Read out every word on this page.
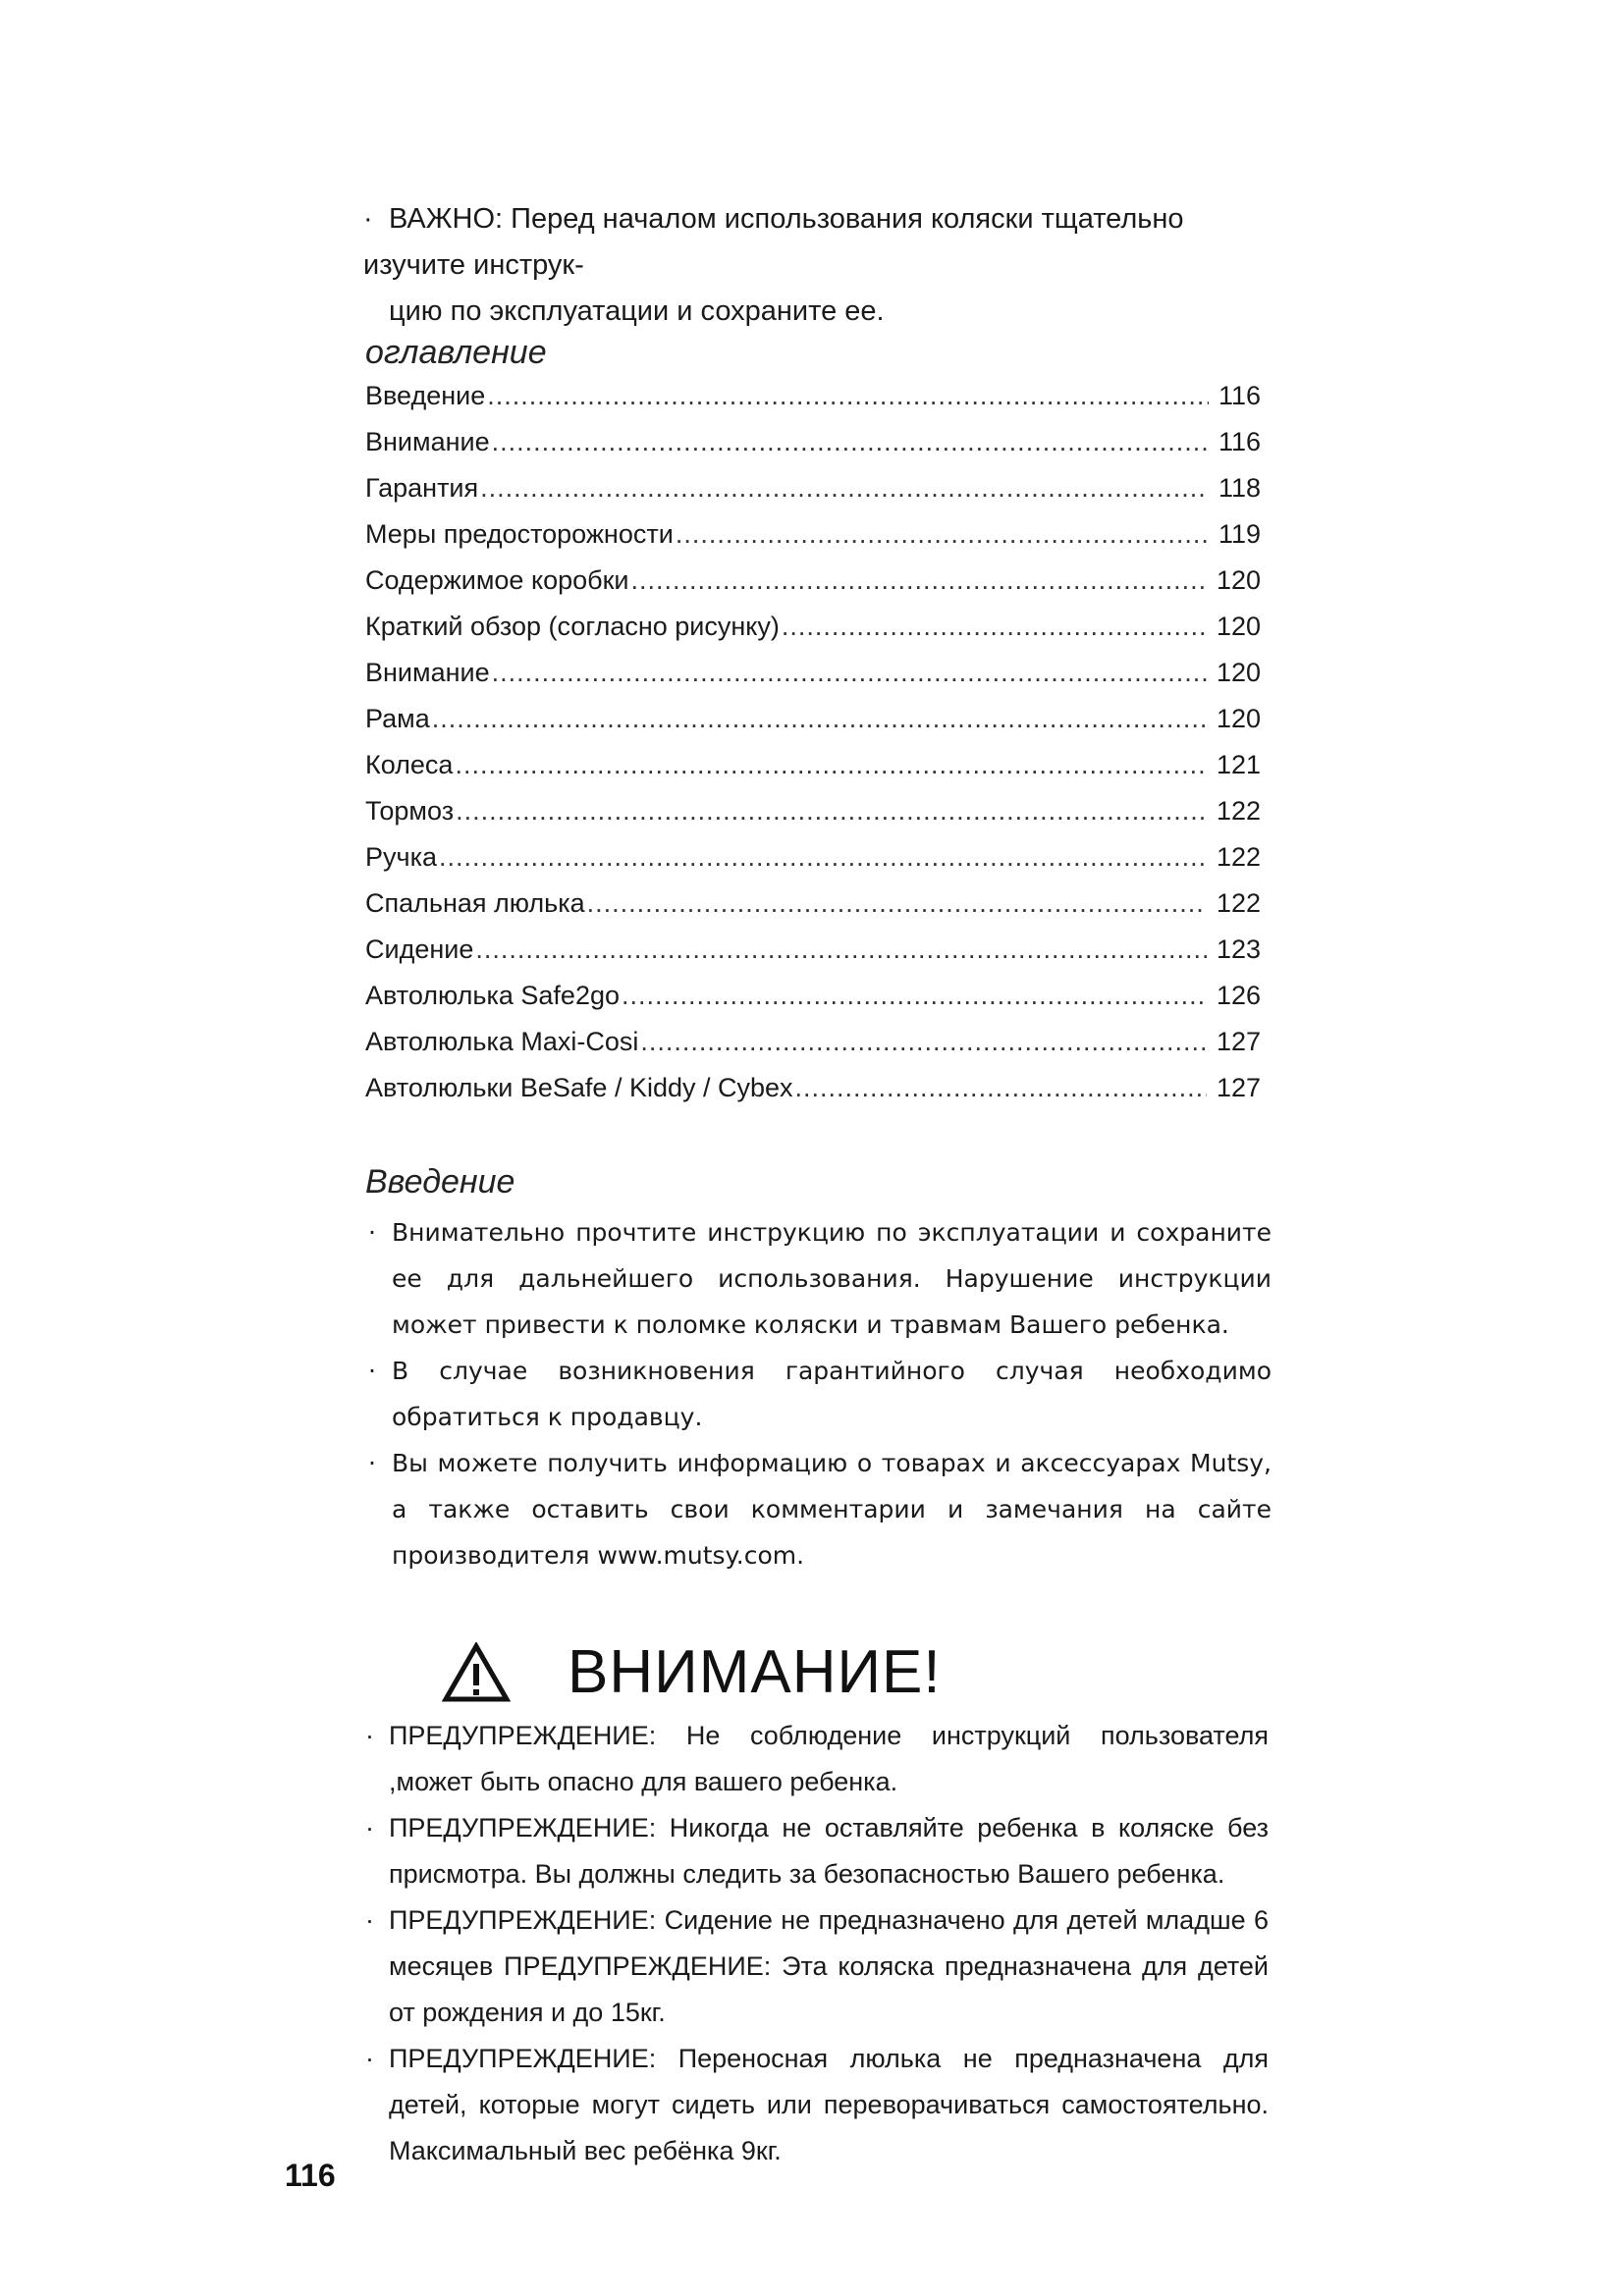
· ВАЖНО: Перед началом использования коляски тщательно изучите инструк-
цию по эксплуатации и сохраните ее.
оглавление
Введение .....	116
Внимание .....	116
Гарантия .....	118
Меры предосторожности .....	119
Содержимое коробки .....	120
Краткий обзор (согласно рисунку) .....	120
Внимание .....	120
Рама .....	120
Колеса .....	121
Тормоз .....	122
Ручка .....	122
Спальная люлька .....	122
Сидение .....	123
Автолюлька Safe2go .....	126
Автолюлька Maxi-Cosi .....	127
Автолюльки BeSafe / Kiddy / Cybex .....	127
Введение
· Внимательно прочтите инструкцию по эксплуатации и сохраните ее для дальнейшего использования. Нарушение инструкции может привести к поломке коляски и травмам Вашего ребенка.
· В случае возникновения гарантийного случая необходимо обратиться к продавцу.
· Вы можете получить информацию о товарах и аксессуарах Mutsy, а также оставить свои комментарии и замечания на сайте производителя www.mutsy.com.
ВНИМАНИЕ!
· ПРЕДУПРЕЖДЕНИЕ: Не соблюдение инструкций пользователя ,может быть опасно для вашего ребенка.
· ПРЕДУПРЕЖДЕНИЕ: Никогда не оставляйте ребенка в коляске без присмотра. Вы должны следить за безопасностью Вашего ребенка.
· ПРЕДУПРЕЖДЕНИЕ: Сидение не предназначено для детей младше 6 месяцев ПРЕДУПРЕЖДЕНИЕ: Эта коляска предназначена для детей от рождения и до 15кг.
· ПРЕДУПРЕЖДЕНИЕ: Переносная люлька не предназначена для детей, которые могут сидеть или переворачиваться самостоятельно. Максимальный вес ребёнка 9кг.
116
